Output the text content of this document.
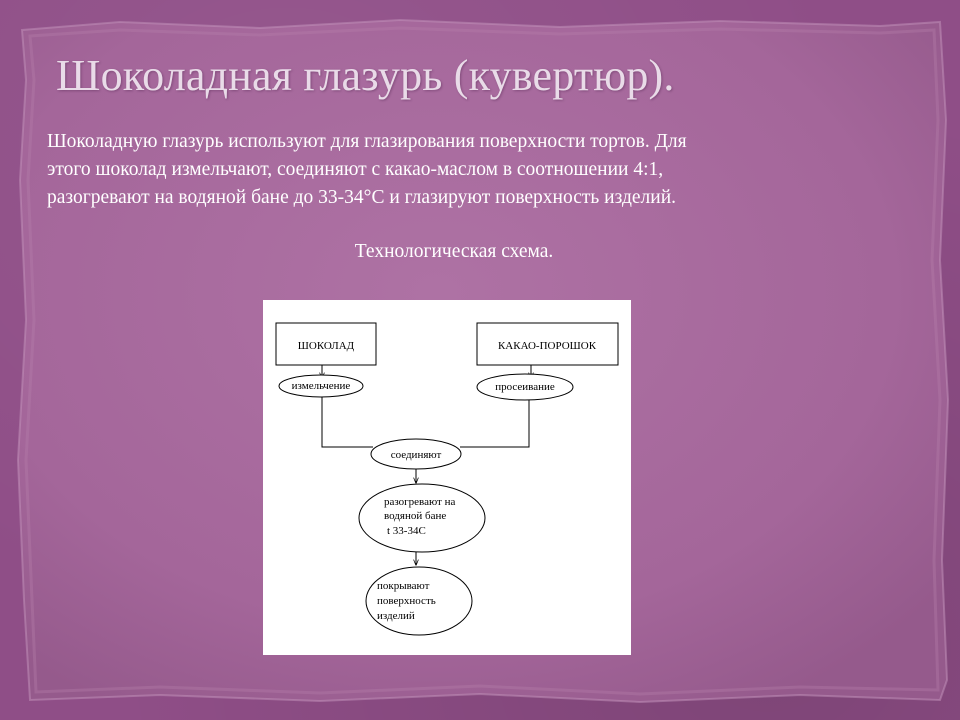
Шоколадная глазурь (кувертюр).
Шоколадную глазурь используют для глазирования поверхности тортов. Для
этого шоколад измельчают, соединяют с какао-маслом в соотношении 4:1,
разогревают на водяной бане до 33-34°С и глазируют поверхность изделий.
Технологическая схема.
ШОКОЛАД	КАКАО-ПОРОШОК
измельчение	просеивание
соединяют
разогревают на
водяной бане
t 33-34С
покрывают
поверхность
изделий
